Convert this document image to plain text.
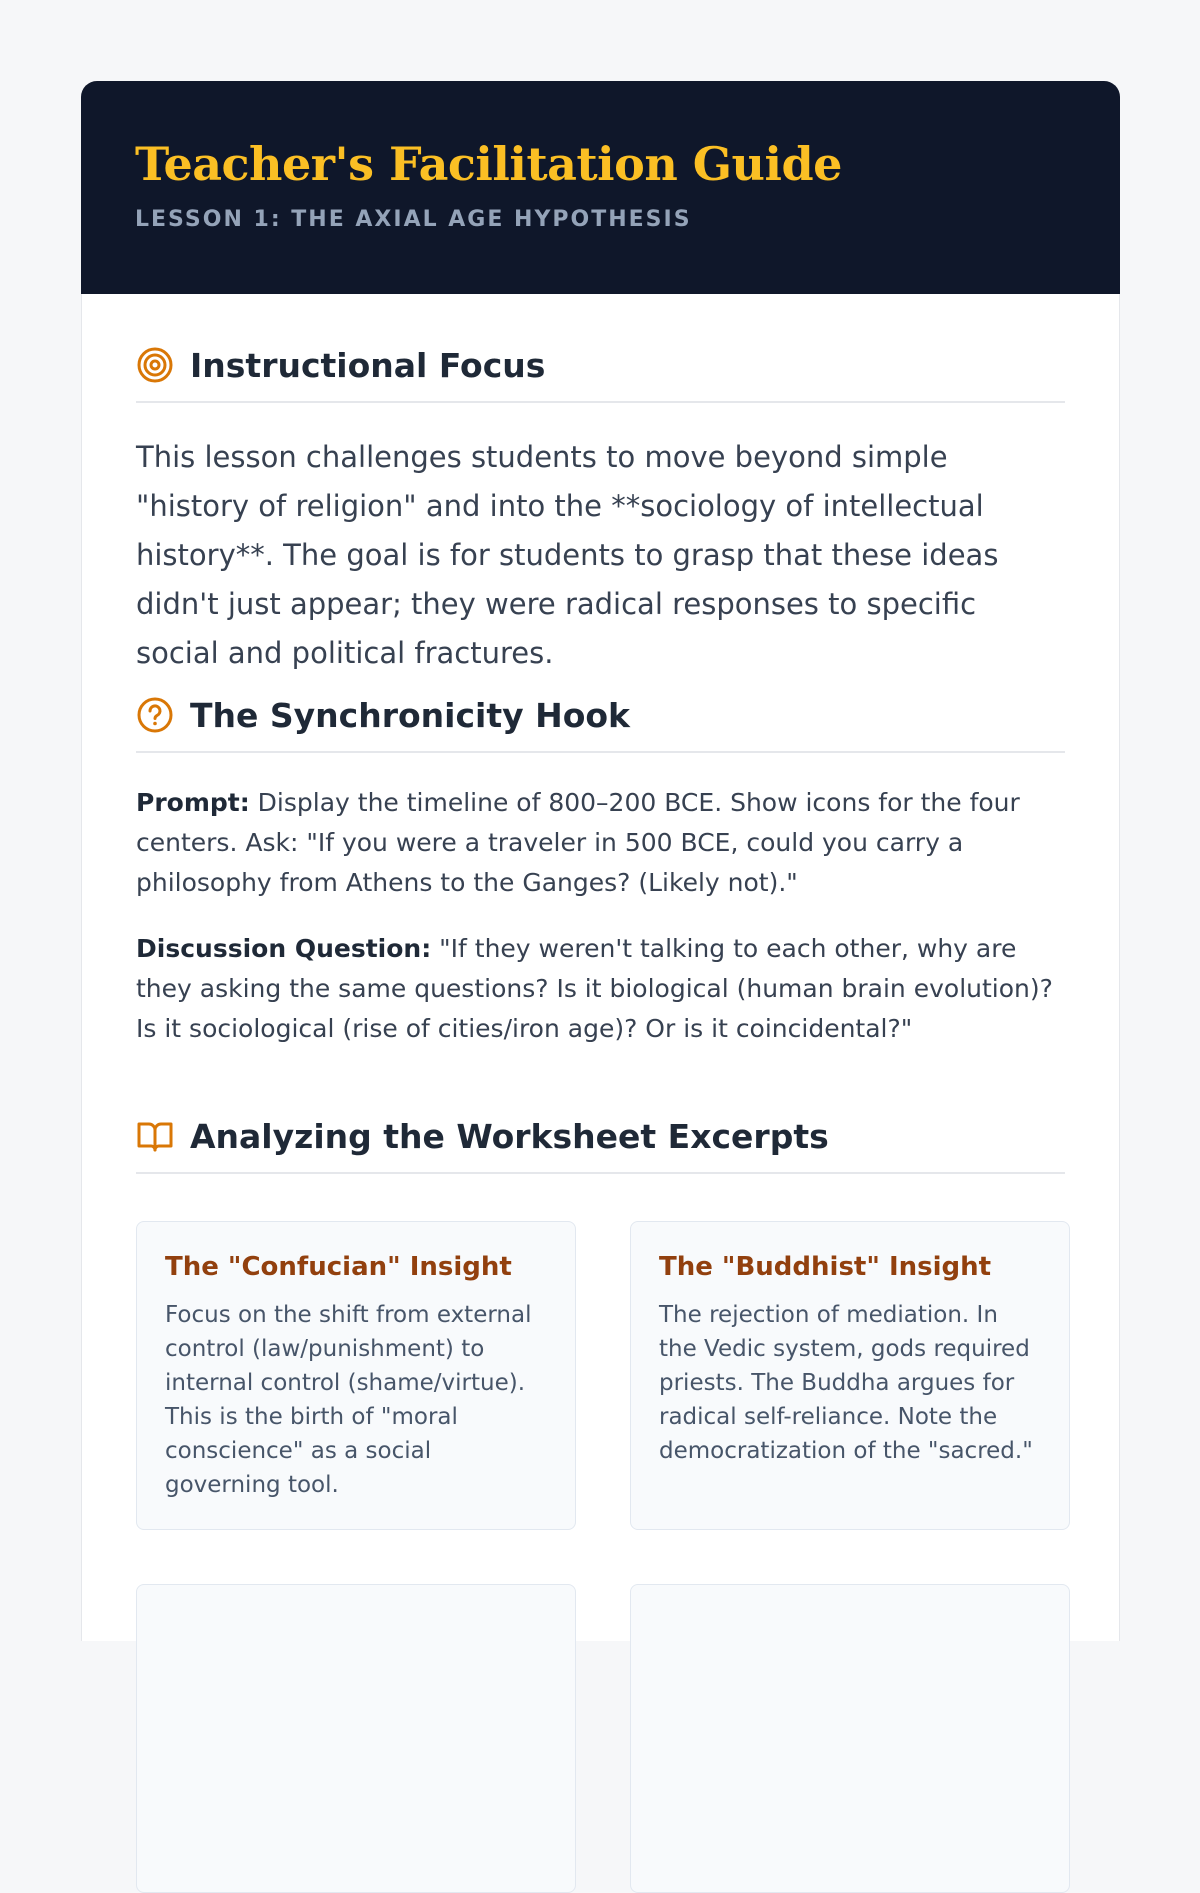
Teacher's Facilitation Guide
LESSON 1: THE AXIAL AGE HYPOTHESIS
Instructional Focus

This lesson challenges students to move beyond simple "history of religion" and into the **sociology of intellectual history**. The goal is for students to grasp that these ideas didn't just appear; they were radical responses to specific social and political fractures.

The Synchronicity Hook

Prompt: Display the timeline of 800–200 BCE. Show icons for the four centers. Ask: "If you were a traveler in 500 BCE, could you carry a philosophy from Athens to the Ganges? (Likely not)."

Discussion Question: "If they weren't talking to each other, why are they asking the same questions? Is it biological (human brain evolution)? Is it sociological (rise of cities/iron age)? Or is it coincidental?"

Analyzing the Worksheet Excerpts
The "Confucian" Insight

Focus on the shift from external control (law/punishment) to internal control (shame/virtue). This is the birth of "moral conscience" as a social governing tool.

The "Buddhist" Insight

The rejection of mediation. In the Vedic system, gods required priests. The Buddha argues for radical self-reliance. Note the democratization of the "sacred."
